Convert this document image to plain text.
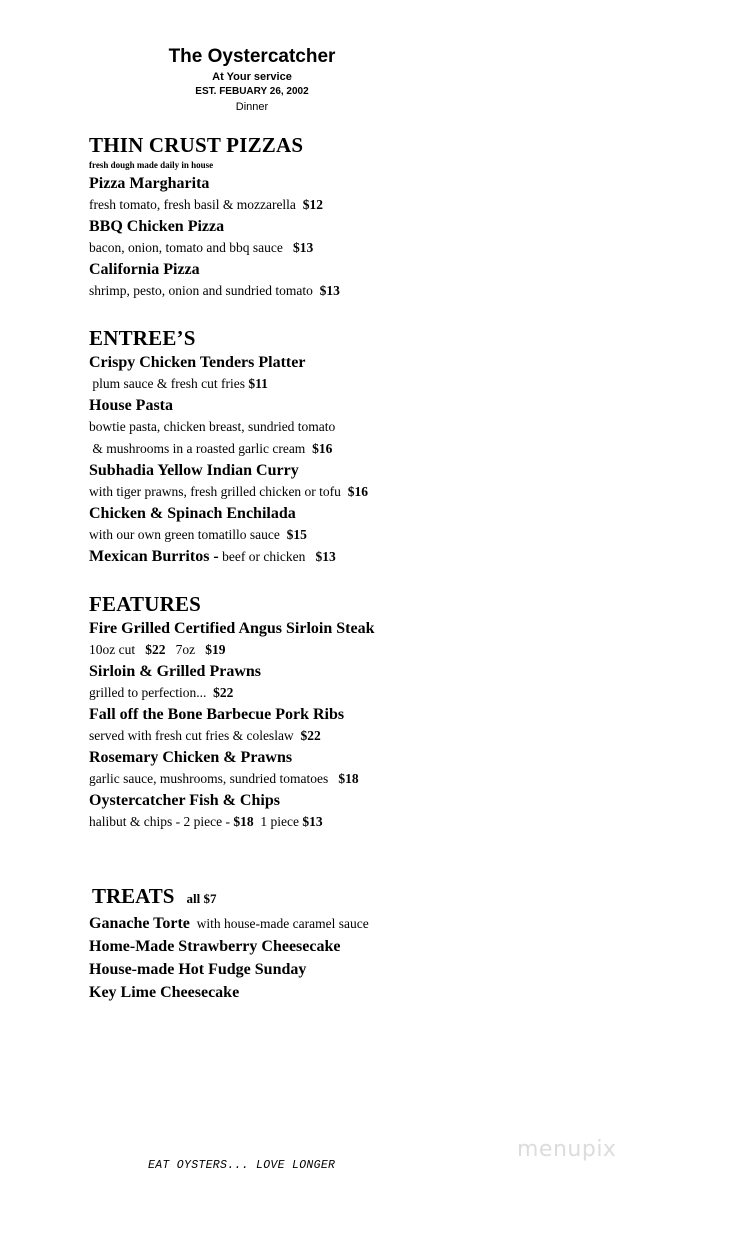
The Oystercatcher
At Your service
EST. FEBUARY 26, 2002
Dinner
THIN CRUST PIZZAS
fresh dough made daily in house
Pizza Margharita
fresh tomato, fresh basil & mozzarella  $12
BBQ Chicken Pizza
bacon, onion, tomato and bbq sauce   $13
California Pizza
shrimp, pesto, onion and sundried tomato  $13
ENTREE’S
Crispy Chicken Tenders Platter
plum sauce & fresh cut fries $11
House Pasta
bowtie pasta, chicken breast, sundried tomato
& mushrooms in a roasted garlic cream  $16
Subhadia Yellow Indian Curry
with tiger prawns, fresh grilled chicken or tofu  $16
Chicken & Spinach Enchilada
with our own green tomatillo sauce  $15
Mexican Burritos - beef or chicken   $13
FEATURES
Fire Grilled Certified Angus Sirloin Steak
10oz cut   $22   7oz   $19
Sirloin & Grilled Prawns
grilled to perfection...  $22
Fall off the Bone Barbecue Pork Ribs
served with fresh cut fries & coleslaw  $22
Rosemary Chicken & Prawns
garlic sauce, mushrooms, sundried tomatoes   $18
Oystercatcher Fish & Chips
halibut & chips - 2 piece - $18  1 piece $13
TREATS all $7
Ganache Torte  with house-made caramel sauce
Home-Made Strawberry Cheesecake
House-made Hot Fudge Sunday
Key Lime Cheesecake
EAT OYSTERS... LOVE LONGER
menupix
